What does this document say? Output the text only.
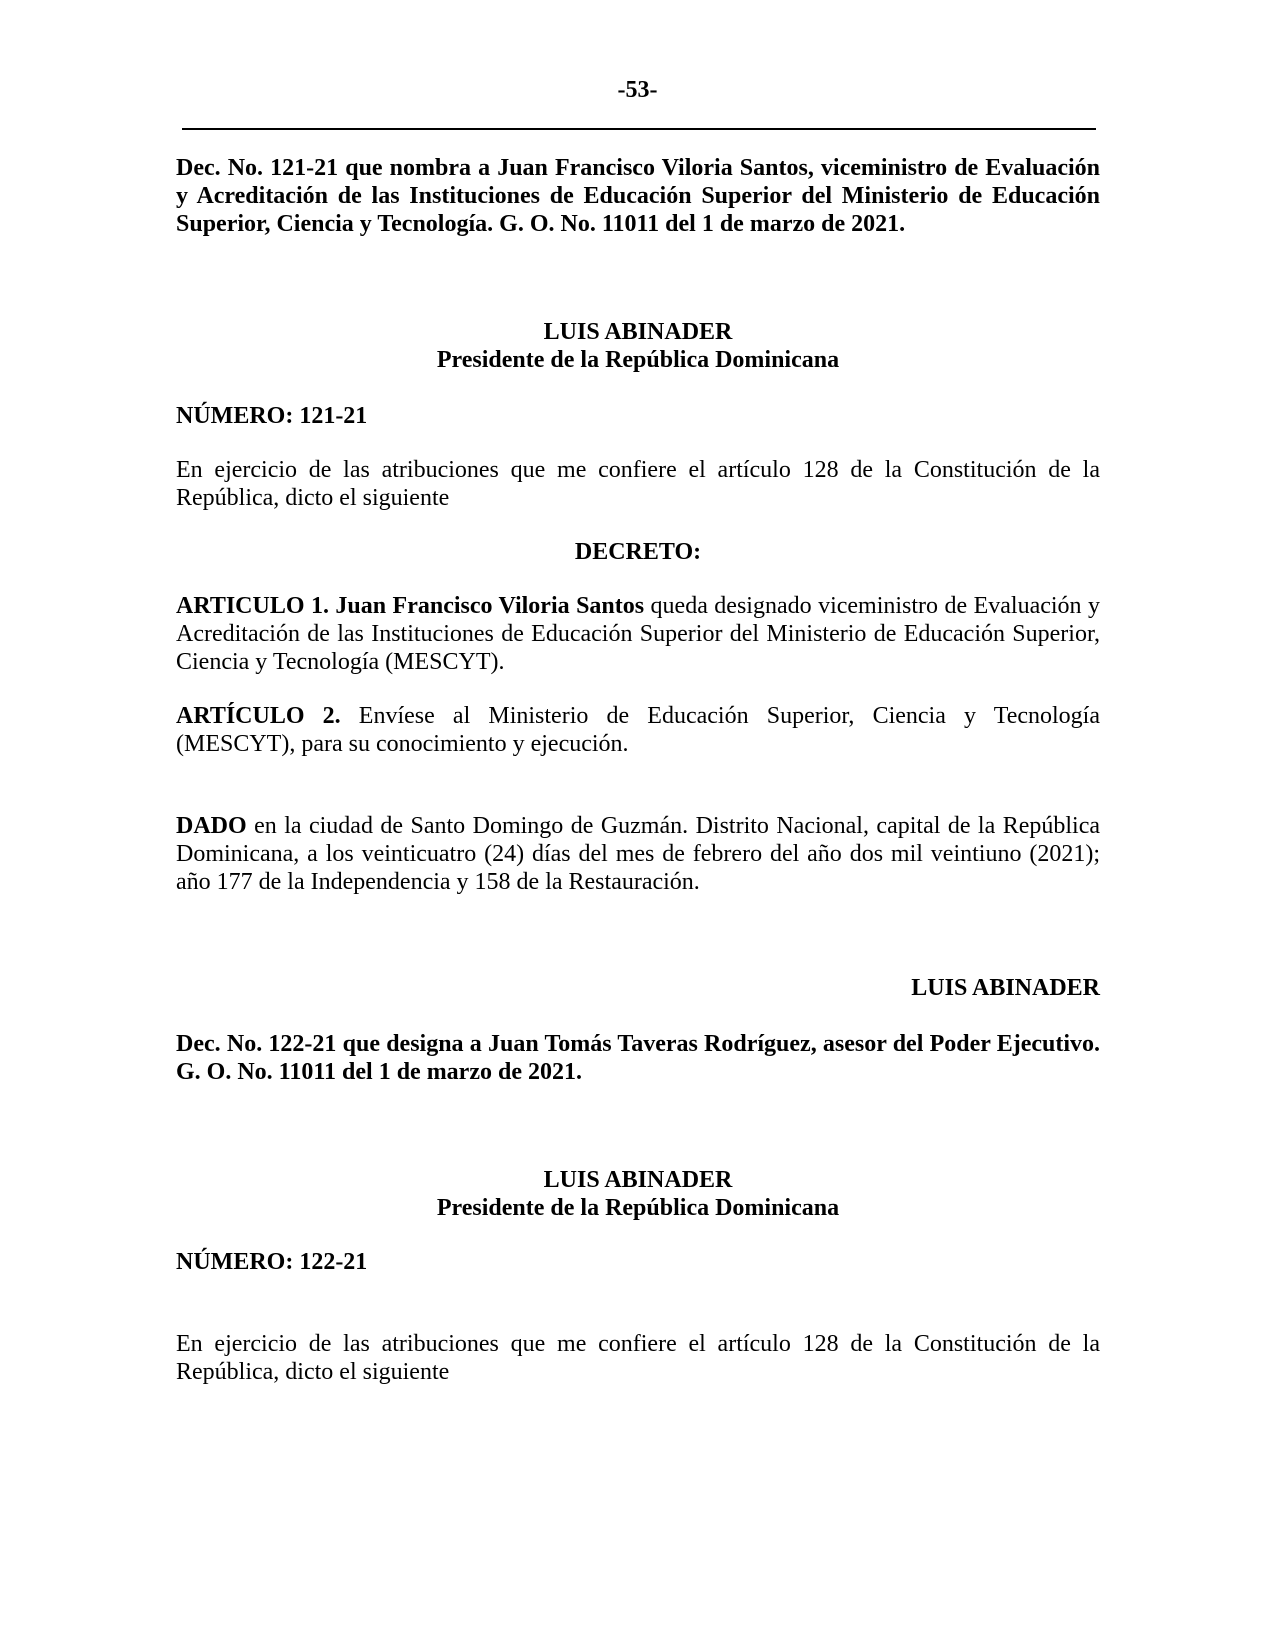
-53-
Dec. No. 121-21 que nombra a Juan Francisco Viloria Santos, viceministro de Evaluación y Acreditación de las Instituciones de Educación Superior del Ministerio de Educación Superior, Ciencia y Tecnología. G. O. No. 11011 del 1 de marzo de 2021.
LUIS ABINADER
Presidente de la República Dominicana
NÚMERO: 121-21
En ejercicio de las atribuciones que me confiere el artículo 128 de la Constitución de la República, dicto el siguiente
DECRETO:
ARTICULO 1. Juan Francisco Viloria Santos queda designado viceministro de Evaluación y Acreditación de las Instituciones de Educación Superior del Ministerio de Educación Superior, Ciencia y Tecnología (MESCYT).
ARTÍCULO 2. Envíese al Ministerio de Educación Superior, Ciencia y Tecnología (MESCYT), para su conocimiento y ejecución.
DADO en la ciudad de Santo Domingo de Guzmán. Distrito Nacional, capital de la República Dominicana, a los veinticuatro (24) días del mes de febrero del año dos mil veintiuno (2021); año 177 de la Independencia y 158 de la Restauración.
LUIS ABINADER
Dec. No. 122-21 que designa a Juan Tomás Taveras Rodríguez, asesor del Poder Ejecutivo. G. O. No. 11011 del 1 de marzo de 2021.
LUIS ABINADER
Presidente de la República Dominicana
NÚMERO: 122-21
En ejercicio de las atribuciones que me confiere el artículo 128 de la Constitución de la República, dicto el siguiente
